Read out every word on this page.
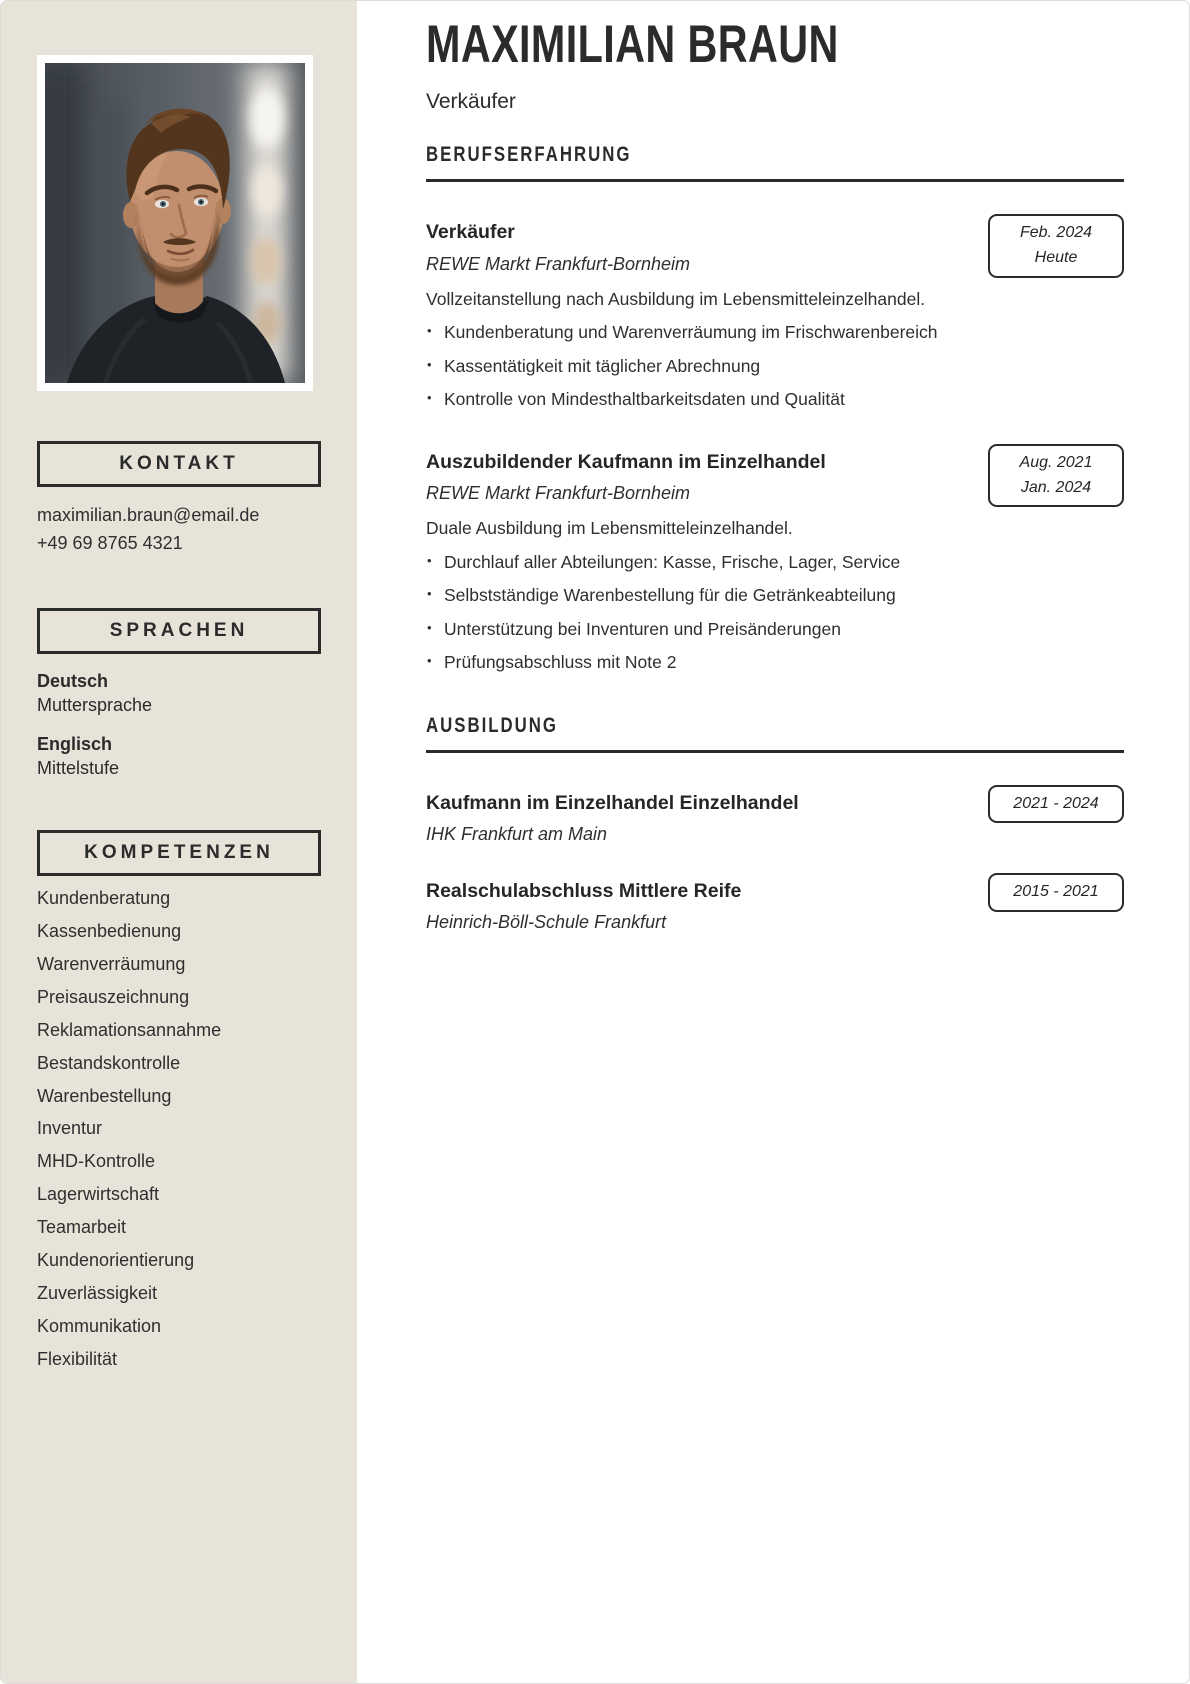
KONTAKT
maximilian.braun@email.de
+49 69 8765 4321
SPRACHEN
Deutsch
Muttersprache
Englisch
Mittelstufe
KOMPETENZEN
Kundenberatung
Kassenbedienung
Warenverräumung
Preisauszeichnung
Reklamationsannahme
Bestandskontrolle
Warenbestellung
Inventur
MHD-Kontrolle
Lagerwirtschaft
Teamarbeit
Kundenorientierung
Zuverlässigkeit
Kommunikation
Flexibilität
MAXIMILIAN BRAUN
Verkäufer
BERUFSERFAHRUNG
Verkäufer
REWE Markt Frankfurt-Bornheim
Vollzeitanstellung nach Ausbildung im Lebensmitteleinzelhandel.
• Kundenberatung und Warenverräumung im Frischwarenbereich
• Kassentätigkeit mit täglicher Abrechnung
• Kontrolle von Mindesthaltbarkeitsdaten und Qualität
Feb. 2024
Heute
Auszubildender Kaufmann im Einzelhandel
REWE Markt Frankfurt-Bornheim
Duale Ausbildung im Lebensmitteleinzelhandel.
• Durchlauf aller Abteilungen: Kasse, Frische, Lager, Service
• Selbstständige Warenbestellung für die Getränkeabteilung
• Unterstützung bei Inventuren und Preisänderungen
• Prüfungsabschluss mit Note 2
Aug. 2021
Jan. 2024
AUSBILDUNG
Kaufmann im Einzelhandel Einzelhandel
IHK Frankfurt am Main
2021 - 2024
Realschulabschluss Mittlere Reife
Heinrich-Böll-Schule Frankfurt
2015 - 2021
